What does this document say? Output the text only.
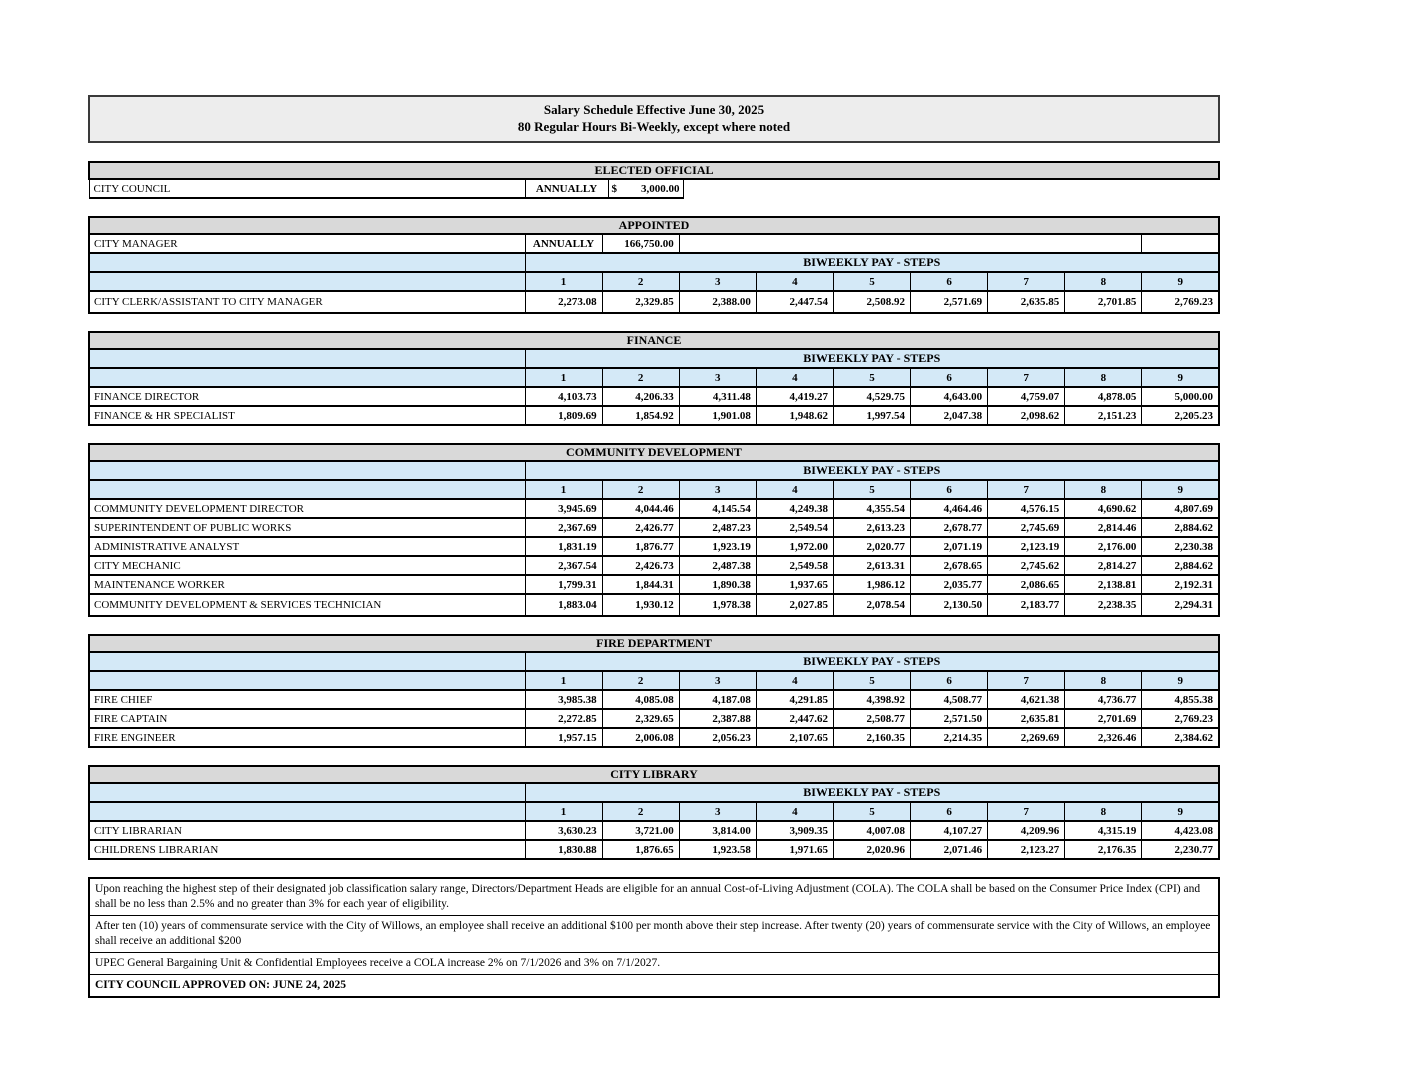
Salary Schedule Effective June 30, 2025
80 Regular Hours Bi-Weekly, except where noted
ELECTED OFFICIAL
CITY COUNCIL	ANNUALLY	$ 3,000.00

APPOINTED									
CITY MANAGER	ANNUALLY	166,750.00							
	BIWEEKLY PAY - STEPS								
	1	2	3	4	5	6	7	8	9
CITY CLERK/ASSISTANT TO CITY MANAGER	2,273.08	2,329.85	2,388.00	2,447.54	2,508.92	2,571.69	2,635.85	2,701.85	2,769.23
FINANCE									
	BIWEEKLY PAY - STEPS								
	1	2	3	4	5	6	7	8	9
FINANCE DIRECTOR	4,103.73	4,206.33	4,311.48	4,419.27	4,529.75	4,643.00	4,759.07	4,878.05	5,000.00
FINANCE & HR SPECIALIST	1,809.69	1,854.92	1,901.08	1,948.62	1,997.54	2,047.38	2,098.62	2,151.23	2,205.23
COMMUNITY DEVELOPMENT									
	BIWEEKLY PAY - STEPS								
	1	2	3	4	5	6	7	8	9
COMMUNITY DEVELOPMENT DIRECTOR	3,945.69	4,044.46	4,145.54	4,249.38	4,355.54	4,464.46	4,576.15	4,690.62	4,807.69
SUPERINTENDENT OF PUBLIC WORKS	2,367.69	2,426.77	2,487.23	2,549.54	2,613.23	2,678.77	2,745.69	2,814.46	2,884.62
ADMINISTRATIVE ANALYST	1,831.19	1,876.77	1,923.19	1,972.00	2,020.77	2,071.19	2,123.19	2,176.00	2,230.38
CITY MECHANIC	2,367.54	2,426.73	2,487.38	2,549.58	2,613.31	2,678.65	2,745.62	2,814.27	2,884.62
MAINTENANCE WORKER	1,799.31	1,844.31	1,890.38	1,937.65	1,986.12	2,035.77	2,086.65	2,138.81	2,192.31
COMMUNITY DEVELOPMENT & SERVICES TECHNICIAN	1,883.04	1,930.12	1,978.38	2,027.85	2,078.54	2,130.50	2,183.77	2,238.35	2,294.31
FIRE DEPARTMENT									
	BIWEEKLY PAY - STEPS								
	1	2	3	4	5	6	7	8	9
FIRE CHIEF	3,985.38	4,085.08	4,187.08	4,291.85	4,398.92	4,508.77	4,621.38	4,736.77	4,855.38
FIRE CAPTAIN	2,272.85	2,329.65	2,387.88	2,447.62	2,508.77	2,571.50	2,635.81	2,701.69	2,769.23
FIRE ENGINEER	1,957.15	2,006.08	2,056.23	2,107.65	2,160.35	2,214.35	2,269.69	2,326.46	2,384.62
CITY LIBRARY									
	BIWEEKLY PAY - STEPS								
	1	2	3	4	5	6	7	8	9
CITY LIBRARIAN	3,630.23	3,721.00	3,814.00	3,909.35	4,007.08	4,107.27	4,209.96	4,315.19	4,423.08
CHILDRENS LIBRARIAN	1,830.88	1,876.65	1,923.58	1,971.65	2,020.96	2,071.46	2,123.27	2,176.35	2,230.77
Upon reaching the highest step of their designated job classification salary range, Directors/Department Heads are eligible for an annual Cost-of-Living Adjustment (COLA). The COLA shall be based on the Consumer Price Index (CPI) and shall be no less than 2.5% and no greater than 3% for each year of eligibility.
After ten (10) years of commensurate service with the City of Willows, an employee shall receive an additional $100 per month above their step increase. After twenty (20) years of commensurate service with the City of Willows, an employee shall receive an additional $200
UPEC General Bargaining Unit & Confidential Employees receive a COLA increase 2% on 7/1/2026 and 3% on 7/1/2027.
CITY COUNCIL APPROVED ON: JUNE 24, 2025
